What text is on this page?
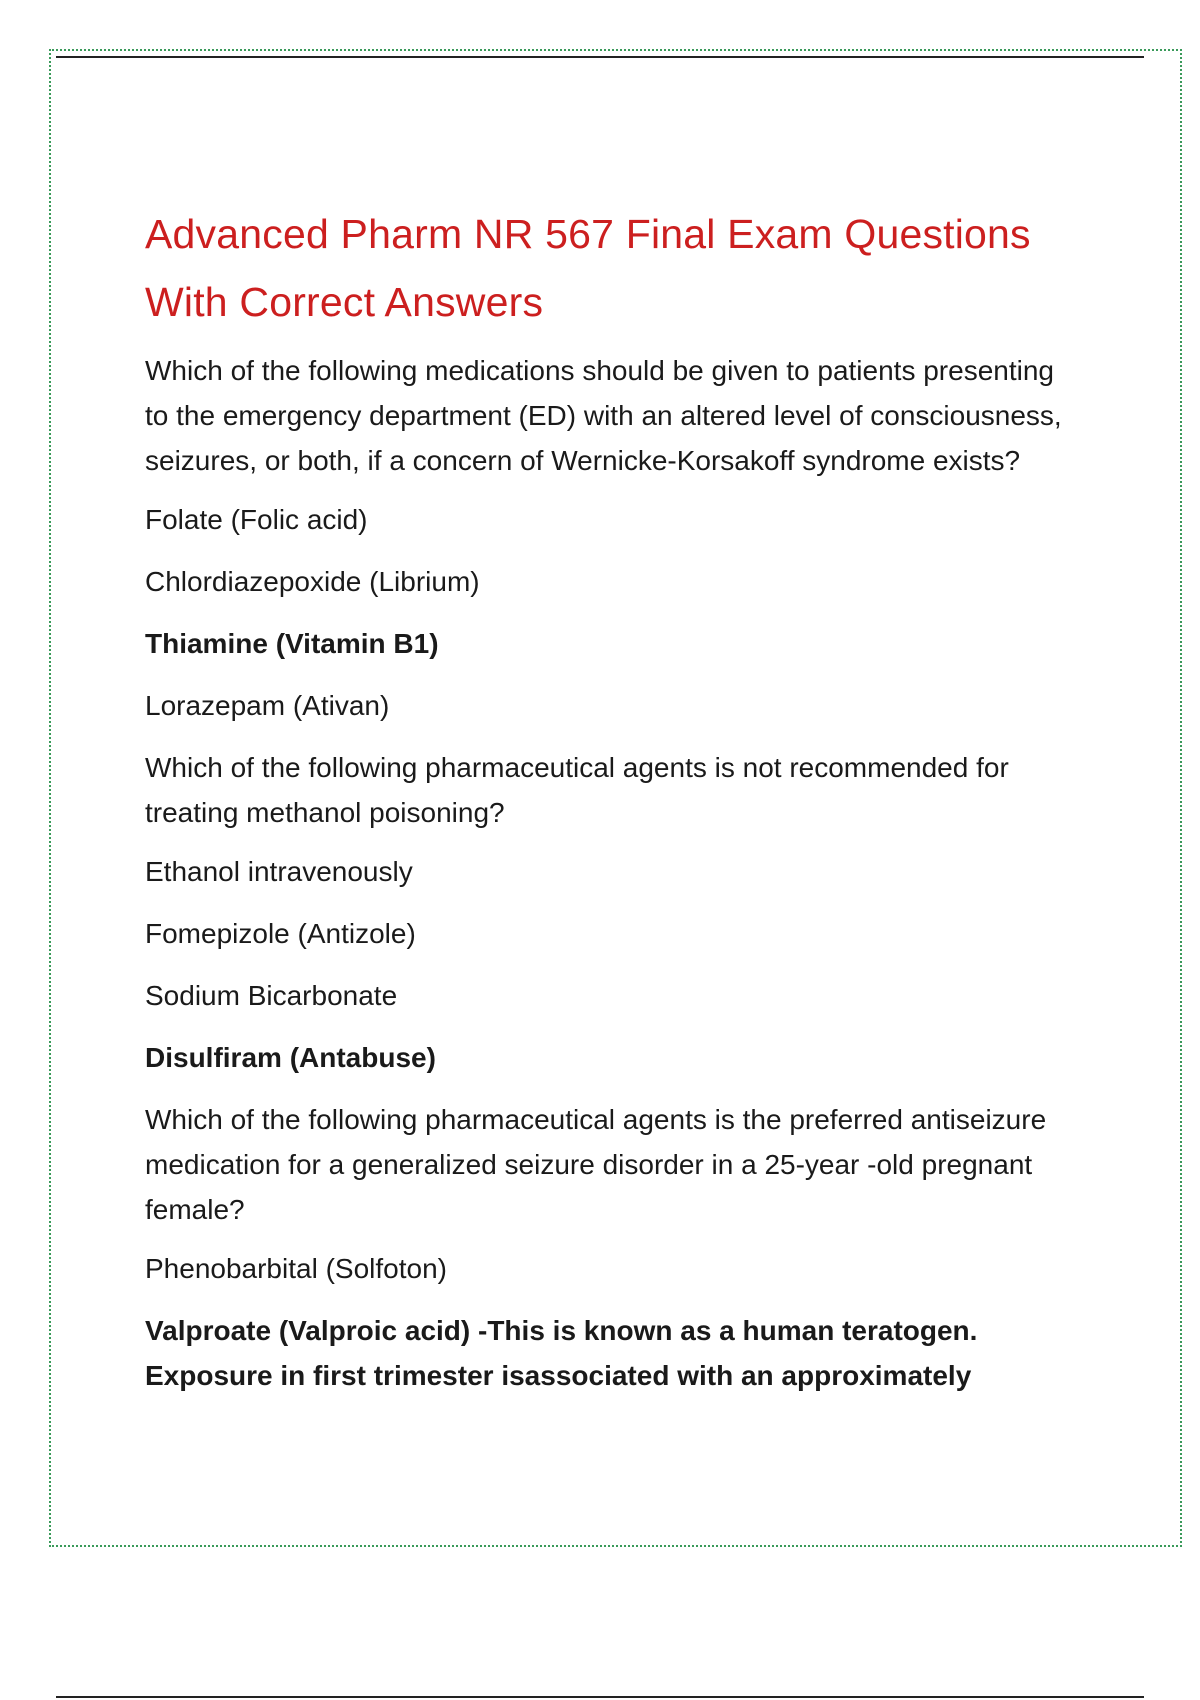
Advanced Pharm NR 567 Final Exam Questions With Correct Answers

Which of the following medications should be given to patients presenting to the emergency department (ED) with an altered level of consciousness, seizures, or both, if a concern of Wernicke-Korsakoff syndrome exists?

Folate (Folic acid)

Chlordiazepoxide (Librium)

Thiamine (Vitamin B1)

Lorazepam (Ativan)

Which of the following pharmaceutical agents is not recommended for treating methanol poisoning?

Ethanol intravenously

Fomepizole (Antizole)

Sodium Bicarbonate

Disulfiram (Antabuse)

Which of the following pharmaceutical agents is the preferred antiseizure medication for a generalized seizure disorder in a 25-year -old pregnant female?

Phenobarbital (Solfoton)

Valproate (Valproic acid) -This is known as a human teratogen. Exposure in first trimester isassociated with an approximately
